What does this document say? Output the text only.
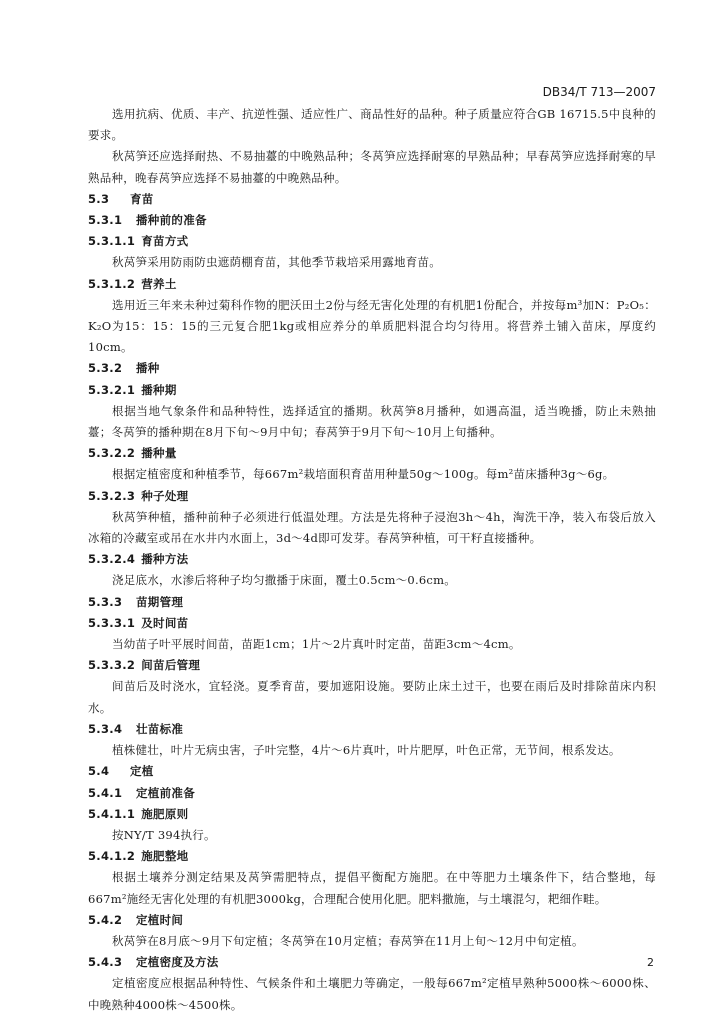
DB34/T 713—2007

选用抗病、优质、丰产、抗逆性强、适应性广、商品性好的品种。种子质量应符合GB 16715.5中良种的要求。

秋莴笋还应选择耐热、不易抽薹的中晚熟品种；冬莴笋应选择耐寒的早熟品种；早春莴笋应选择耐寒的早熟品种，晚春莴笋应选择不易抽薹的中晚熟品种。

5.3 育苗
5.3.1 播种前的准备
5.3.1.1 育苗方式

秋莴笋采用防雨防虫遮荫棚育苗，其他季节栽培采用露地育苗。

5.3.1.2 营养土

选用近三年来未种过菊科作物的肥沃田土2份与经无害化处理的有机肥1份配合，并按每m³加N：P₂O₅：K₂O为15：15：15的三元复合肥1kg或相应养分的单质肥料混合均匀待用。将营养土铺入苗床，厚度约10cm。

5.3.2 播种
5.3.2.1 播种期

根据当地气象条件和品种特性，选择适宜的播期。秋莴笋8月播种，如遇高温，适当晚播，防止未熟抽薹；冬莴笋的播种期在8月下旬～9月中旬；春莴笋于9月下旬～10月上旬播种。

5.3.2.2 播种量

根据定植密度和种植季节，每667m²栽培面积育苗用种量50g～100g。每m²苗床播种3g～6g。

5.3.2.3 种子处理

秋莴笋种植，播种前种子必须进行低温处理。方法是先将种子浸泡3h～4h，淘洗干净，装入布袋后放入冰箱的冷藏室或吊在水井内水面上，3d～4d即可发芽。春莴笋种植，可干籽直接播种。

5.3.2.4 播种方法

浇足底水，水渗后将种子均匀撒播于床面，覆土0.5cm～0.6cm。

5.3.3 苗期管理
5.3.3.1 及时间苗

当幼苗子叶平展时间苗，苗距1cm；1片～2片真叶时定苗，苗距3cm～4cm。

5.3.3.2 间苗后管理

间苗后及时浇水，宜轻浇。夏季育苗，要加遮阳设施。要防止床土过干，也要在雨后及时排除苗床内积水。

5.3.4 壮苗标准

植株健壮，叶片无病虫害，子叶完整，4片～6片真叶，叶片肥厚，叶色正常，无节间，根系发达。

5.4 定植
5.4.1 定植前准备
5.4.1.1 施肥原则

按NY/T 394执行。

5.4.1.2 施肥整地

根据土壤养分测定结果及莴笋需肥特点，提倡平衡配方施肥。在中等肥力土壤条件下，结合整地，每667m²施经无害化处理的有机肥3000kg，合理配合使用化肥。肥料撒施，与土壤混匀，耙细作畦。

5.4.2 定植时间

秋莴笋在8月底～9月下旬定植；冬莴笋在10月定植；春莴笋在11月上旬～12月中旬定植。

5.4.3 定植密度及方法

定植密度应根据品种特性、气候条件和土壤肥力等确定，一般每667m²定植早熟种5000株～6000株、中晚熟种4000株～4500株。

2
